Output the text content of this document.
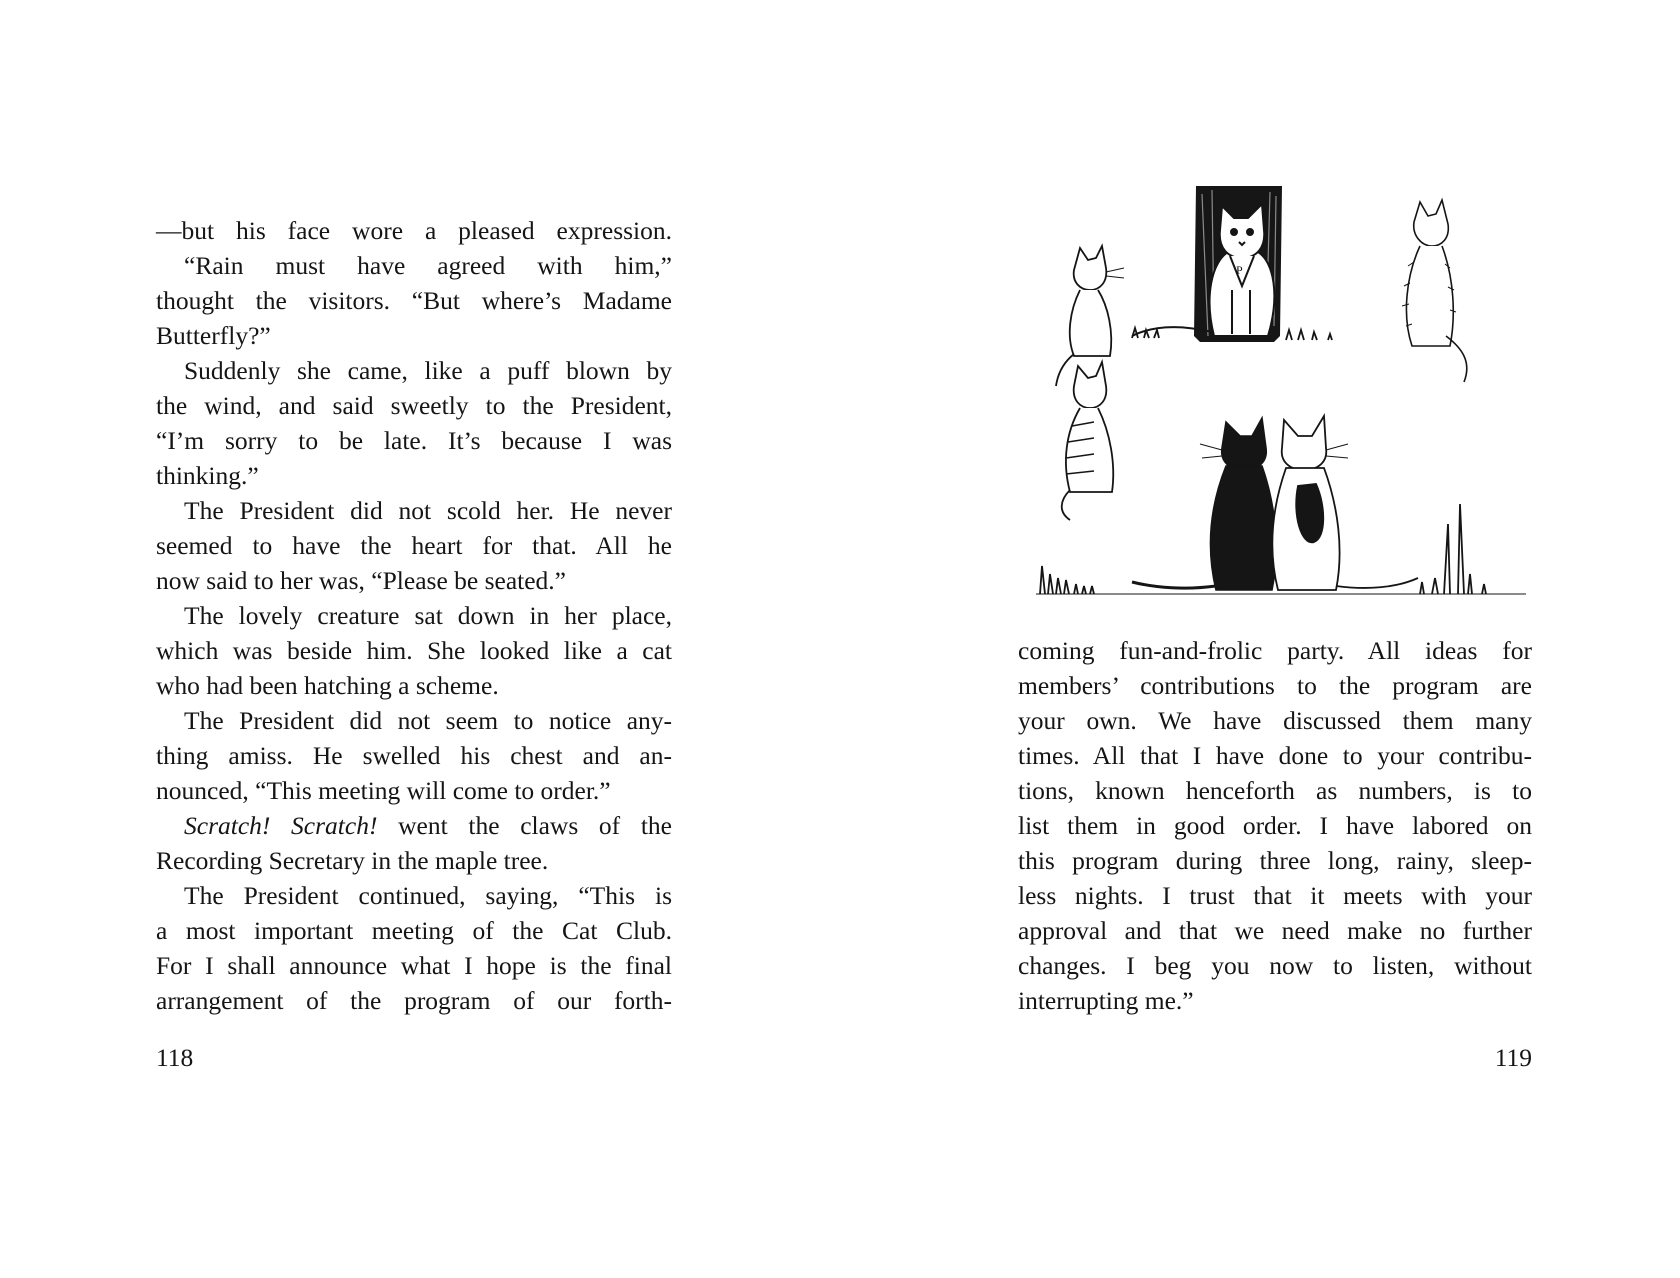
—but his face wore a pleased expression.
“Rain must have agreed with him,”
thought the visitors. “But where’s Madame
Butterfly?”
Suddenly she came, like a puff blown by
the wind, and said sweetly to the President,
“I’m sorry to be late. It’s because I was
thinking.”
The President did not scold her. He never
seemed to have the heart for that. All he
now said to her was, “Please be seated.”
The lovely creature sat down in her place,
which was beside him. She looked like a cat
who had been hatching a scheme.
The President did not seem to notice any-
thing amiss. He swelled his chest and an-
nounced, “This meeting will come to order.”
Scratch! Scratch! went the claws of the
Recording Secretary in the maple tree.
The President continued, saying, “This is
a most important meeting of the Cat Club.
For I shall announce what I hope is the final
arrangement of the program of our forth-
118
P
coming fun-and-frolic party. All ideas for
members’ contributions to the program are
your own. We have discussed them many
times. All that I have done to your contribu-
tions, known henceforth as numbers, is to
list them in good order. I have labored on
this program during three long, rainy, sleep-
less nights. I trust that it meets with your
approval and that we need make no further
changes. I beg you now to listen, without
interrupting me.”
119
